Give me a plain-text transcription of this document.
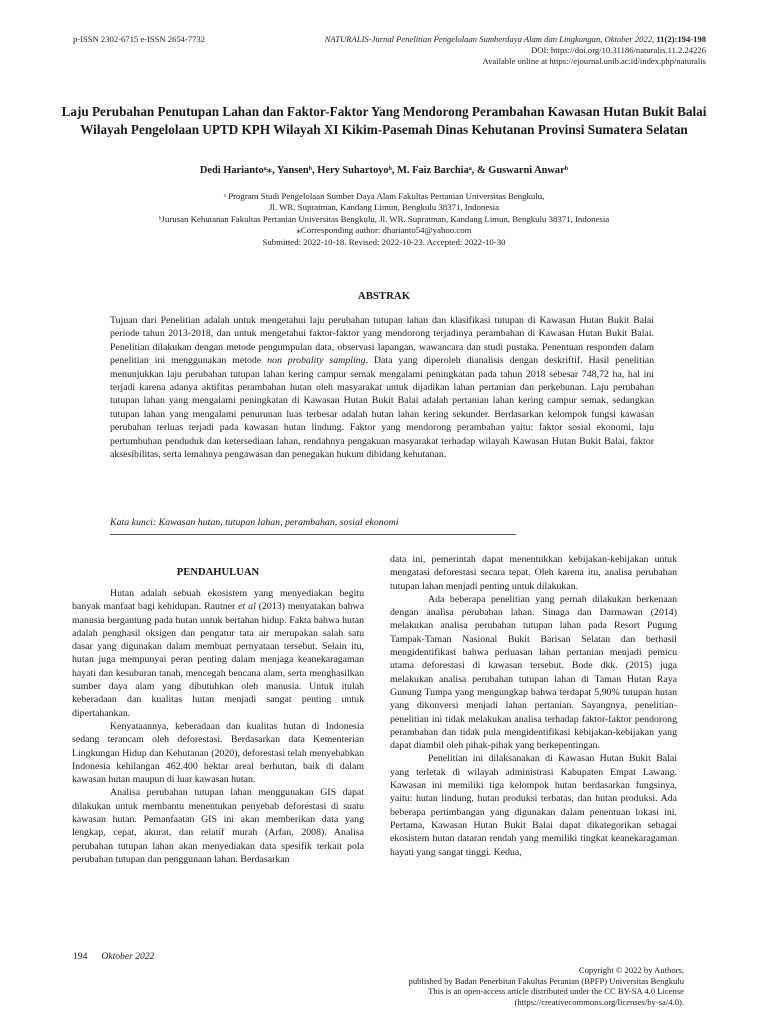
p-ISSN 2302-6715 e-ISSN 2654-7732	NATURALIS-Jurnal Penelitian Pengelolaan Sumberdaya Alam dan Lingkungan, Oktober 2022, 11(2):194-198
DOI: https://doi.org/10.31186/naturalis.11.2.24226
Available online at https://ejournal.unib.ac.id/index.php/naturalis
Laju Perubahan Penutupan Lahan dan Faktor-Faktor Yang Mendorong Perambahan Kawasan Hutan Bukit Balai Wilayah Pengelolaan UPTD KPH Wilayah XI Kikim-Pasemah Dinas Kehutanan Provinsi Sumatera Selatan
Dedi Hariantoᵃ⁎, Yansenᵇ, Hery Suhartoyoᵇ, M. Faiz Barchiaᵃ, & Guswarni Anwarᵇ
ᵃ Program Studi Pengelolaan Sumber Daya Alam Fakultas Pertanian Universitas Bengkulu,
Jl. WR. Supratman, Kandang Limun, Bengkulu 38371, Indonesia
ᵇJurusan Kehutanan Fakultas Pertanian Universitas Bengkulu, Jl. WR. Supratman, Kandang Limun, Bengkulu 38371, Indonesia
⁎Corresponding author: dharianto54@yahoo.com
Submitted: 2022-10-18. Revised: 2022-10-23. Accepted: 2022-10-30
ABSTRAK
Tujuan dari Penelitian adalah untuk mengetahui laju perubahan tutupan lahan dan klasifikasi tutupan di Kawasan Hutan Bukit Balai periode tahun 2013-2018, dan untuk mengetahui faktor-faktor yang mendorong terjadinya perambahan di Kawasan Hutan Bukit Balai. Penelitian dilakukan dengan metode pengumpulan data, observasi lapangan, wawancara dan studi pustaka. Penentuan responden dalam penelitian ini menggunakan metode non probality sampling. Data yang diperoleh dianalisis dengan deskriftif. Hasil penelitian menunjukkan laju perubahan tutupan lahan kering campur semak mengalami peningkatan pada tahun 2018 sebesar 748,72 ha, hal ini terjadi karena adanya aktifitas perambahan hutan oleh masyarakat untuk dijadikan lahan pertanian dan perkebunan. Laju perubahan tutupan lahan yang mengalami peningkatan di Kawasan Hutan Bukit Balai adalah pertanian lahan kering campur semak, sedangkan tutupan lahan yang mengalami penurunan luas terbesar adalah hutan lahan kering sekunder. Berdasarkan kelompok fungsi kawasan perubahan terluas terjadi pada kawasan hutan lindung. Faktor yang mendorong perambahan yaitu: faktor sosial ekonomi, laju pertumbuhan penduduk dan ketersediaan lahan, rendahnya pengakuan masyarakat terhadap wilayah Kawasan Hutan Bukit Balai, faktor aksesibilitas, serta lemahnya pengawasan dan penegakan hukum dibidang kehutanan.
Kata kunci: Kawasan hutan, tutupan lahan, perambahan, sosial ekonomi
PENDAHULUAN

Hutan adalah sebuah ekosistem yang menyediakan begitu banyak manfaat bagi kehidupan. Rautner et al (2013) menyatakan bahwa manusia bergantung pada hutan untuk bertahan hidup. Fakta bahwa hutan adalah penghasil oksigen dan pengatur tata air merupakan salah satu dasar yang digunakan dalam membuat pernyataan tersebut. Selain itu, hutan juga mempunyai peran penting dalam menjaga keanekaragaman hayati dan kesuburan tanah, mencegah bencana alam, serta menghasilkan sumber daya alam yang dibutuhkan oleh manusia. Untuk itulah keberadaan dan kualitas hutan menjadi sangat penting untuk dipertahankan.

Kenyataannya, keberadaan dan kualitas hutan di Indonesia sedang terancam oleh deforestasi. Berdasarkan data Kementerian Lingkungan Hidup dan Kehutanan (2020), deforestasi telah menyebabkan Indonesia kehilangan 462.400 hektar areal berhutan, baik di dalam kawasan hutan maupun di luar kawasan hutan.

Analisa perubahan tutupan lahan menggunakan GIS dapat dilakukan untuk membantu menentukan penyebab deforestasi di suatu kawasan hutan. Pemanfaatan GIS ini akan memberikan data yang lengkap, cepat, akurat, dan relatif murah (Arfan, 2008). Analisa perubahan tutupan lahan akan menyediakan data spesifik terkait pola perubahan tutupan dan penggunaan lahan. Berdasarkan

data ini, pemerintah dapat menentukkan kebijakan-kebijakan untuk mengatasi deforestasi secara tepat. Oleh karena itu, analisa perubahan tutupan lahan menjadi penting untuk dilakukan.

Ada beberapa penelitian yang pernah dilakukan berkenaan dengan analisa perubahan lahan. Sinaga dan Darmawan (2014) melakukan analisa perubahan tutupan lahan pada Resort Pugung Tampak-Taman Nasional Bukit Barisan Selatan dan berhasil mengidentifikasi bahwa perluasan lahan pertanian menjadi pemicu utama deforestasi di kawasan tersebut. Bode dkk. (2015) juga melakukan analisa perubahan tutupan lahan di Taman Hutan Raya Gunung Tumpa yang mengungkap bahwa terdapat 5,90% tutupan hutan yang dikonversi menjadi lahan pertanian. Sayangnya, penelitian-penelitian ini tidak melakukan analisa terhadap faktor-faktor pendorong perambahan dan tidak pula mengidentifikasi kebijakan-kebijakan yang dapat diambil oleh pihak-pihak yang berkepentingan.

Penelitian ini dilaksanakan di Kawasan Hutan Bukit Balai yang terletak di wilayah administrasi Kabupaten Empat Lawang. Kawasan ini memiliki tiga kelompok hutan berdasarkan fungsinya, yaitu: hutan lindung, hutan produksi terbatas, dan hutan produksi. Ada beberapa pertimbangan yang digunakan dalam penentuan lokasi ini. Pertama, Kawasan Hutan Bukit Balai dapat dikategorikan sebagai ekosistem hutan dataran rendah yang memiliki tingkat keanekaragaman hayati yang sangat tinggi. Kedua,

194 Oktober 2022
Copyright © 2022 by Authors,
published by Badan Penerbitan Fakultas Peranian (BPFP) Universitas Bengkulu
This is an open-access article distributed under the CC BY-SA 4.0 License
(https://creativecommons.org/licenses/by-sa/4.0).
